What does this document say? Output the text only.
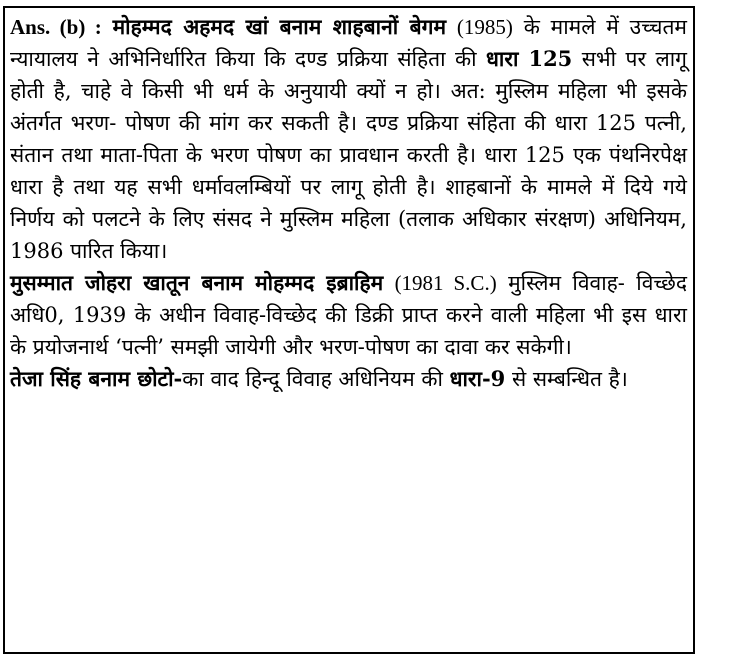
Ans. (b) : मोहम्मद अहमद खां बनाम शाहबानों बेगम (1985) के मामले में उच्चतम न्यायालय ने अभिनिर्धारित किया कि दण्ड प्रक्रिया संहिता की धारा 125 सभी पर लागू होती है, चाहे वे किसी भी धर्म के अनुयायी क्यों न हो। अत: मुस्लिम महिला भी इसके अंतर्गत भरण- पोषण की मांग कर सकती है। दण्ड प्रक्रिया संहिता की धारा 125 पत्नी, संतान तथा माता-पिता के भरण पोषण का प्रावधान करती है। धारा 125 एक पंथनिरपेक्ष धारा है तथा यह सभी धर्मावलम्बियों पर लागू होती है। शाहबानों के मामले में दिये गये निर्णय को पलटने के लिए संसद ने मुस्लिम महिला (तलाक अधिकार संरक्षण) अधिनियम, 1986 पारित किया।

मुसम्मात जोहरा खातून बनाम मोहम्मद इब्राहिम (1981 S.C.) मुस्लिम विवाह- विच्छेद अधि0, 1939 के अधीन विवाह-विच्छेद की डिक्री प्राप्त करने वाली महिला भी इस धारा के प्रयोजनार्थ ‘पत्नी’ समझी जायेगी और भरण-पोषण का दावा कर सकेगी।

तेजा सिंह बनाम छोटो-का वाद हिन्दू विवाह अधिनियम की धारा-9 से सम्बन्धित है।
